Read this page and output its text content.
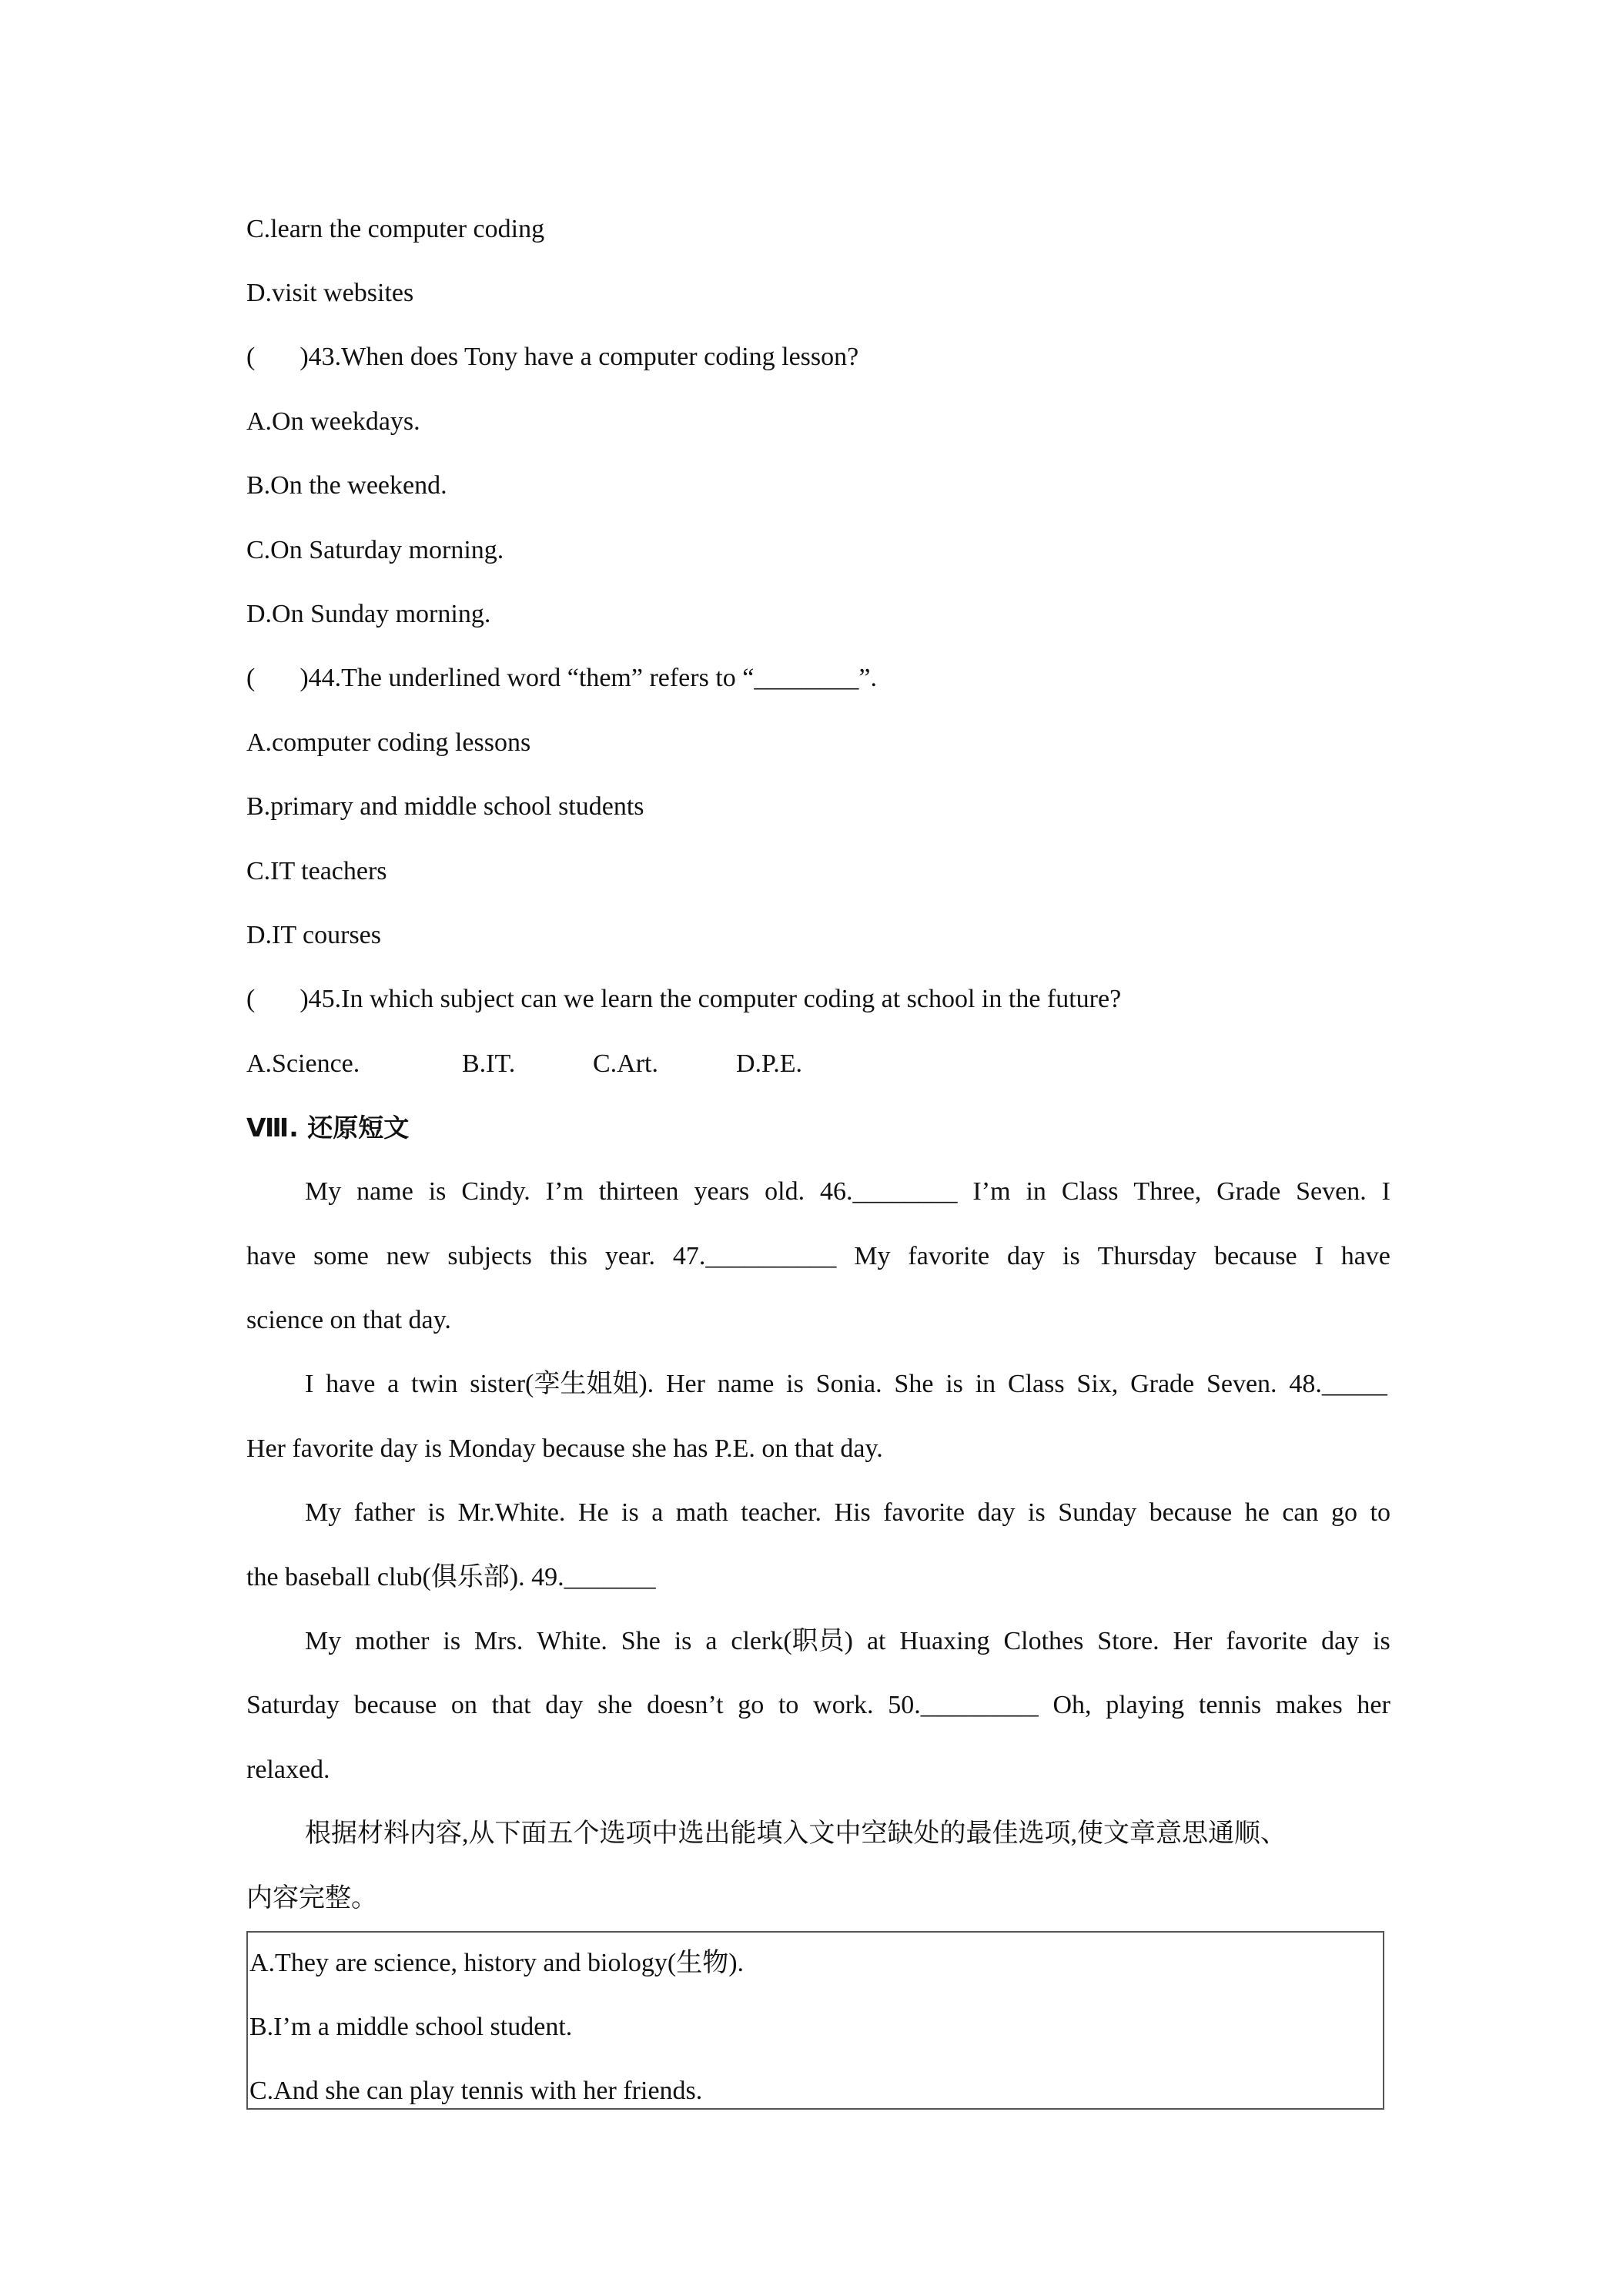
C.learn the computer coding
D.visit websites
( )43.When does Tony have a computer coding lesson?
A.On weekdays.
B.On the weekend.
C.On Saturday morning.
D.On Sunday morning.
( )44.The underlined word “them” refers to “________”.
A.computer coding lessons
B.primary and middle school students
C.IT teachers
D.IT courses
( )45.In which subject can we learn the computer coding at school in the future?
A.Science.	B.IT.	C.Art.	D.P.E.
Ⅷ. 还原短文
My name is Cindy. I’m thirteen years old. 46.________ I’m in Class Three, Grade Seven. I
have some new subjects this year. 47.__________ My favorite day is Thursday because I have
science on that day.
I have a twin sister(孪生姐姐). Her name is Sonia. She is in Class Six, Grade Seven. 48._____
Her favorite day is Monday because she has P.E. on that day.
My father is Mr.White. He is a math teacher. His favorite day is Sunday because he can go to
the baseball club(俱乐部). 49._______
My mother is Mrs. White. She is a clerk(职员) at Huaxing Clothes Store. Her favorite day is
Saturday because on that day she doesn’t go to work. 50._________ Oh, playing tennis makes her
relaxed.
根据材料内容,从下面五个选项中选出能填入文中空缺处的最佳选项,使文章意思通顺、
内容完整。
A.They are science, history and biology(生物).
B.I’m a middle school student.
C.And she can play tennis with her friends.
